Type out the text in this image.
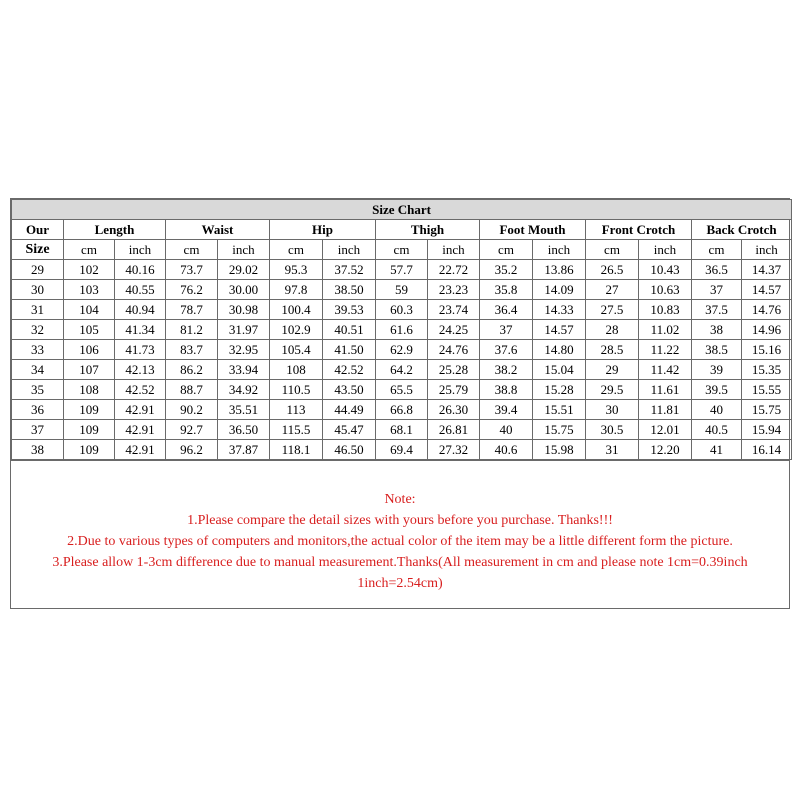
Size Chart														
Our	Length		Waist		Hip		Thigh		Foot Mouth		Front Crotch		Back Crotch	
Size	cm	inch	cm	inch	cm	inch	cm	inch	cm	inch	cm	inch	cm	inch
29	102	40.16	73.7	29.02	95.3	37.52	57.7	22.72	35.2	13.86	26.5	10.43	36.5	14.37
30	103	40.55	76.2	30.00	97.8	38.50	59	23.23	35.8	14.09	27	10.63	37	14.57
31	104	40.94	78.7	30.98	100.4	39.53	60.3	23.74	36.4	14.33	27.5	10.83	37.5	14.76
32	105	41.34	81.2	31.97	102.9	40.51	61.6	24.25	37	14.57	28	11.02	38	14.96
33	106	41.73	83.7	32.95	105.4	41.50	62.9	24.76	37.6	14.80	28.5	11.22	38.5	15.16
34	107	42.13	86.2	33.94	108	42.52	64.2	25.28	38.2	15.04	29	11.42	39	15.35
35	108	42.52	88.7	34.92	110.5	43.50	65.5	25.79	38.8	15.28	29.5	11.61	39.5	15.55
36	109	42.91	90.2	35.51	113	44.49	66.8	26.30	39.4	15.51	30	11.81	40	15.75
37	109	42.91	92.7	36.50	115.5	45.47	68.1	26.81	40	15.75	30.5	12.01	40.5	15.94
38	109	42.91	96.2	37.87	118.1	46.50	69.4	27.32	40.6	15.98	31	12.20	41	16.14
Note:
1.Please compare the detail sizes with yours before you purchase. Thanks!!!
2.Due to various types of computers and monitors,the actual color of the item may be a little different form the picture.
3.Please allow 1-3cm difference due to manual measurement.Thanks(All measurement in cm and please note 1cm=0.39inch
1inch=2.54cm)
